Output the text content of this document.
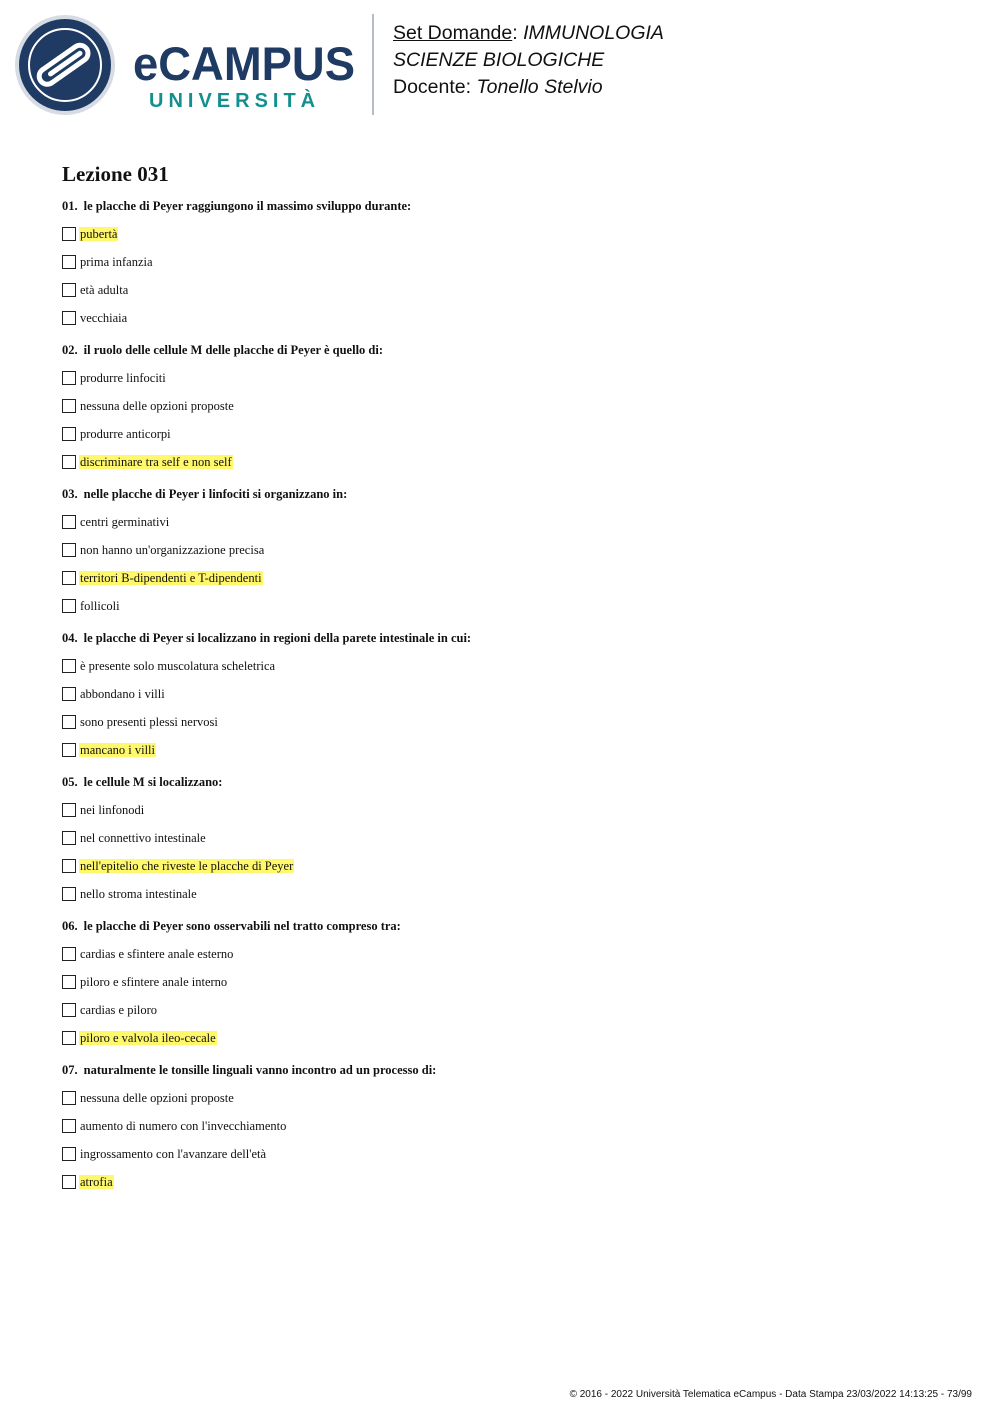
eCAMPUS
UNIVERSITÀ
Set Domande: IMMUNOLOGIA
SCIENZE BIOLOGICHE
Docente: Tonello Stelvio
Lezione 031

01. le placche di Peyer raggiungono il massimo sviluppo durante:

pubertà
prima infanzia
età adulta
vecchiaia

02. il ruolo delle cellule M delle placche di Peyer è quello di:

produrre linfociti
nessuna delle opzioni proposte
produrre anticorpi
discriminare tra self e non self

03. nelle placche di Peyer i linfociti si organizzano in:

centri germinativi
non hanno un'organizzazione precisa
territori B-dipendenti e T-dipendenti
follicoli

04. le placche di Peyer si localizzano in regioni della parete intestinale in cui:

è presente solo muscolatura scheletrica
abbondano i villi
sono presenti plessi nervosi
mancano i villi

05. le cellule M si localizzano:

nei linfonodi
nel connettivo intestinale
nell'epitelio che riveste le placche di Peyer
nello stroma intestinale

06. le placche di Peyer sono osservabili nel tratto compreso tra:

cardias e sfintere anale esterno
piloro e sfintere anale interno
cardias e piloro
piloro e valvola ileo-cecale

07. naturalmente le tonsille linguali vanno incontro ad un processo di:

nessuna delle opzioni proposte
aumento di numero con l'invecchiamento
ingrossamento con l'avanzare dell'età
atrofia
© 2016 - 2022 Università Telematica eCampus - Data Stampa 23/03/2022 14:13:25 - 73/99
